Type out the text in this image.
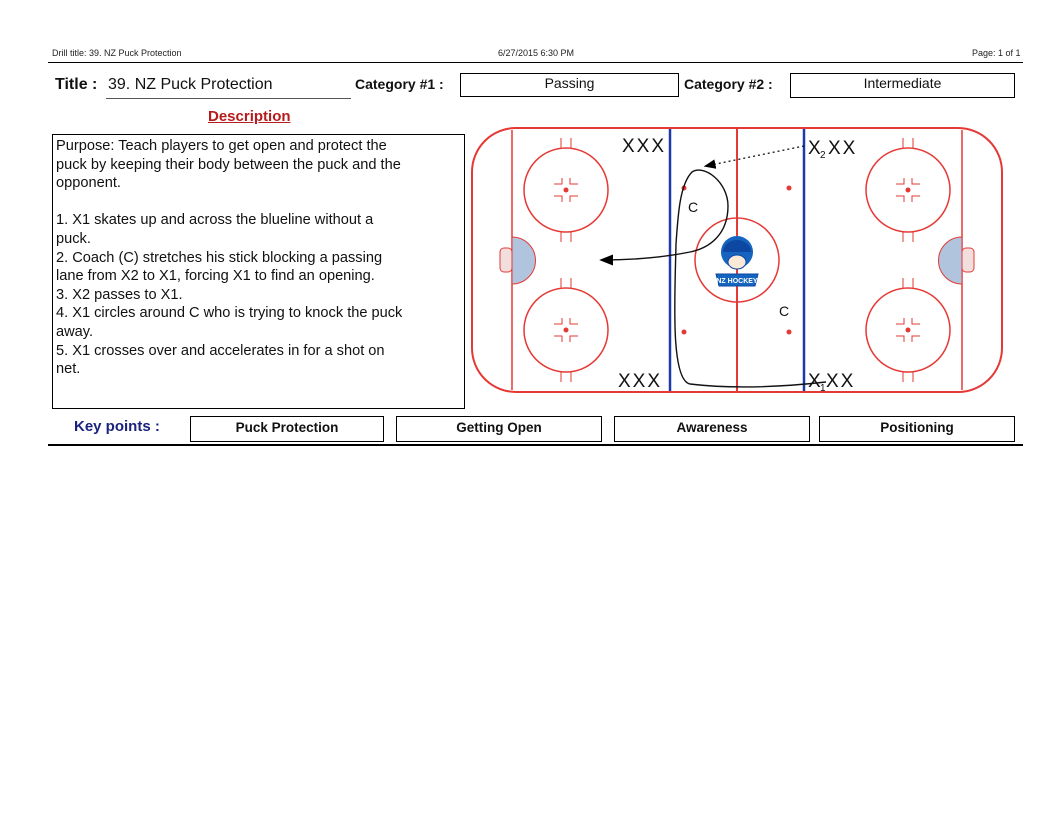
Drill title: 39. NZ Puck Protection	6/27/2015 6:30 PM	Page: 1 of 1
Title : 39. NZ Puck Protection	Category #1 :	Passing	Category #2 :	Intermediate
Description

Purpose: Teach players to get open and protect the

puck by keeping their body between the puck and the

opponent.

1. X1 skates up and across the blueline without a

puck.

2. Coach (C) stretches his stick blocking a passing

lane from X2 to X1, forcing X1 to find an opening.

3. X2 passes to X1.

4. X1 circles around C who is trying to knock the puck

away.

5. X1 crosses over and accelerates in for a shot on

net.

NZ HOCKEY
XXX	X 2 XX
XXX	X 1 XX
C
C
Key points :	Puck Protection	Getting Open	Awareness	Positioning
